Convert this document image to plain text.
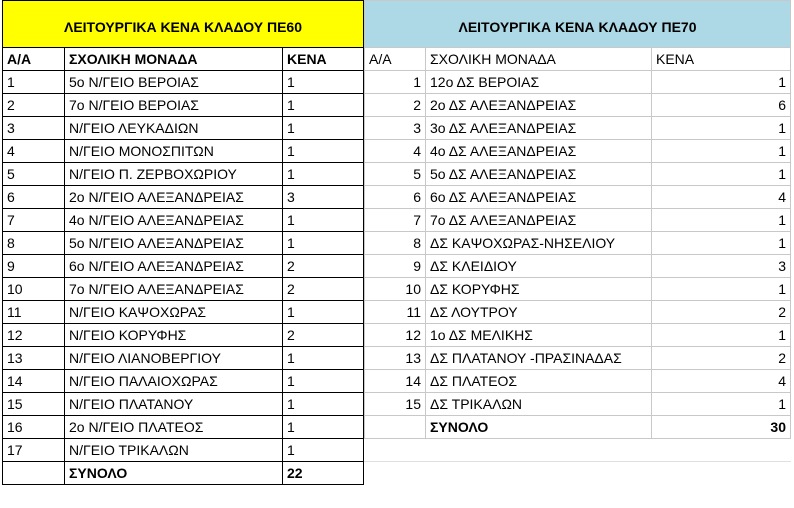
ΛΕΙΤΟΥΡΓΙΚΑ ΚΕΝΑ ΚΛΑΔΟΥ ΠΕ60		
Α/Α	ΣΧΟΛΙΚΗ ΜΟΝΑΔΑ	ΚΕΝΑ
1	5ο Ν/ΓΕΙΟ ΒΕΡΟΙΑΣ	1
2	7ο Ν/ΓΕΙΟ ΒΕΡΟΙΑΣ	1
3	Ν/ΓΕΙΟ ΛΕΥΚΑΔΙΩΝ	1
4	Ν/ΓΕΙΟ ΜΟΝΟΣΠΙΤΩΝ	1
5	Ν/ΓΕΙΟ Π. ΖΕΡΒΟΧΩΡΙΟΥ	1
6	2ο Ν/ΓΕΙΟ ΑΛΕΞΑΝΔΡΕΙΑΣ	3
7	4ο Ν/ΓΕΙΟ ΑΛΕΞΑΝΔΡΕΙΑΣ	1
8	5ο Ν/ΓΕΙΟ ΑΛΕΞΑΝΔΡΕΙΑΣ	1
9	6ο Ν/ΓΕΙΟ ΑΛΕΞΑΝΔΡΕΙΑΣ	2
10	7ο Ν/ΓΕΙΟ ΑΛΕΞΑΝΔΡΕΙΑΣ	2
11	Ν/ΓΕΙΟ ΚΑΨΟΧΩΡΑΣ	1
12	Ν/ΓΕΙΟ ΚΟΡΥΦΗΣ	2
13	Ν/ΓΕΙΟ ΛΙΑΝΟΒΕΡΓΙΟΥ	1
14	Ν/ΓΕΙΟ ΠΑΛΑΙΟΧΩΡΑΣ	1
15	Ν/ΓΕΙΟ ΠΛΑΤΑΝΟΥ	1
16	2ο Ν/ΓΕΙΟ ΠΛΑΤΕΟΣ	1
17	Ν/ΓΕΙΟ ΤΡΙΚΑΛΩΝ	1
	ΣΥΝΟΛΟ	22
ΛΕΙΤΟΥΡΓΙΚΑ ΚΕΝΑ ΚΛΑΔΟΥ ΠΕ70		
Α/Α	ΣΧΟΛΙΚΗ ΜΟΝΑΔΑ	ΚΕΝΑ
1	12ο ΔΣ ΒΕΡΟΙΑΣ	1
2	2ο ΔΣ ΑΛΕΞΑΝΔΡΕΙΑΣ	6
3	3ο ΔΣ ΑΛΕΞΑΝΔΡΕΙΑΣ	1
4	4ο ΔΣ ΑΛΕΞΑΝΔΡΕΙΑΣ	1
5	5ο ΔΣ ΑΛΕΞΑΝΔΡΕΙΑΣ	1
6	6ο ΔΣ ΑΛΕΞΑΝΔΡΕΙΑΣ	4
7	7ο ΔΣ ΑΛΕΞΑΝΔΡΕΙΑΣ	1
8	ΔΣ ΚΑΨΟΧΩΡΑΣ-ΝΗΣΕΛΙΟΥ	1
9	ΔΣ ΚΛΕΙΔΙΟΥ	3
10	ΔΣ ΚΟΡΥΦΗΣ	1
11	ΔΣ ΛΟΥΤΡΟΥ	2
12	1ο ΔΣ ΜΕΛΙΚΗΣ	1
13	ΔΣ ΠΛΑΤΑΝΟΥ -ΠΡΑΣΙΝΑΔΑΣ	2
14	ΔΣ ΠΛΑΤΕΟΣ	4
15	ΔΣ ΤΡΙΚΑΛΩΝ	1
	ΣΥΝΟΛΟ	30
